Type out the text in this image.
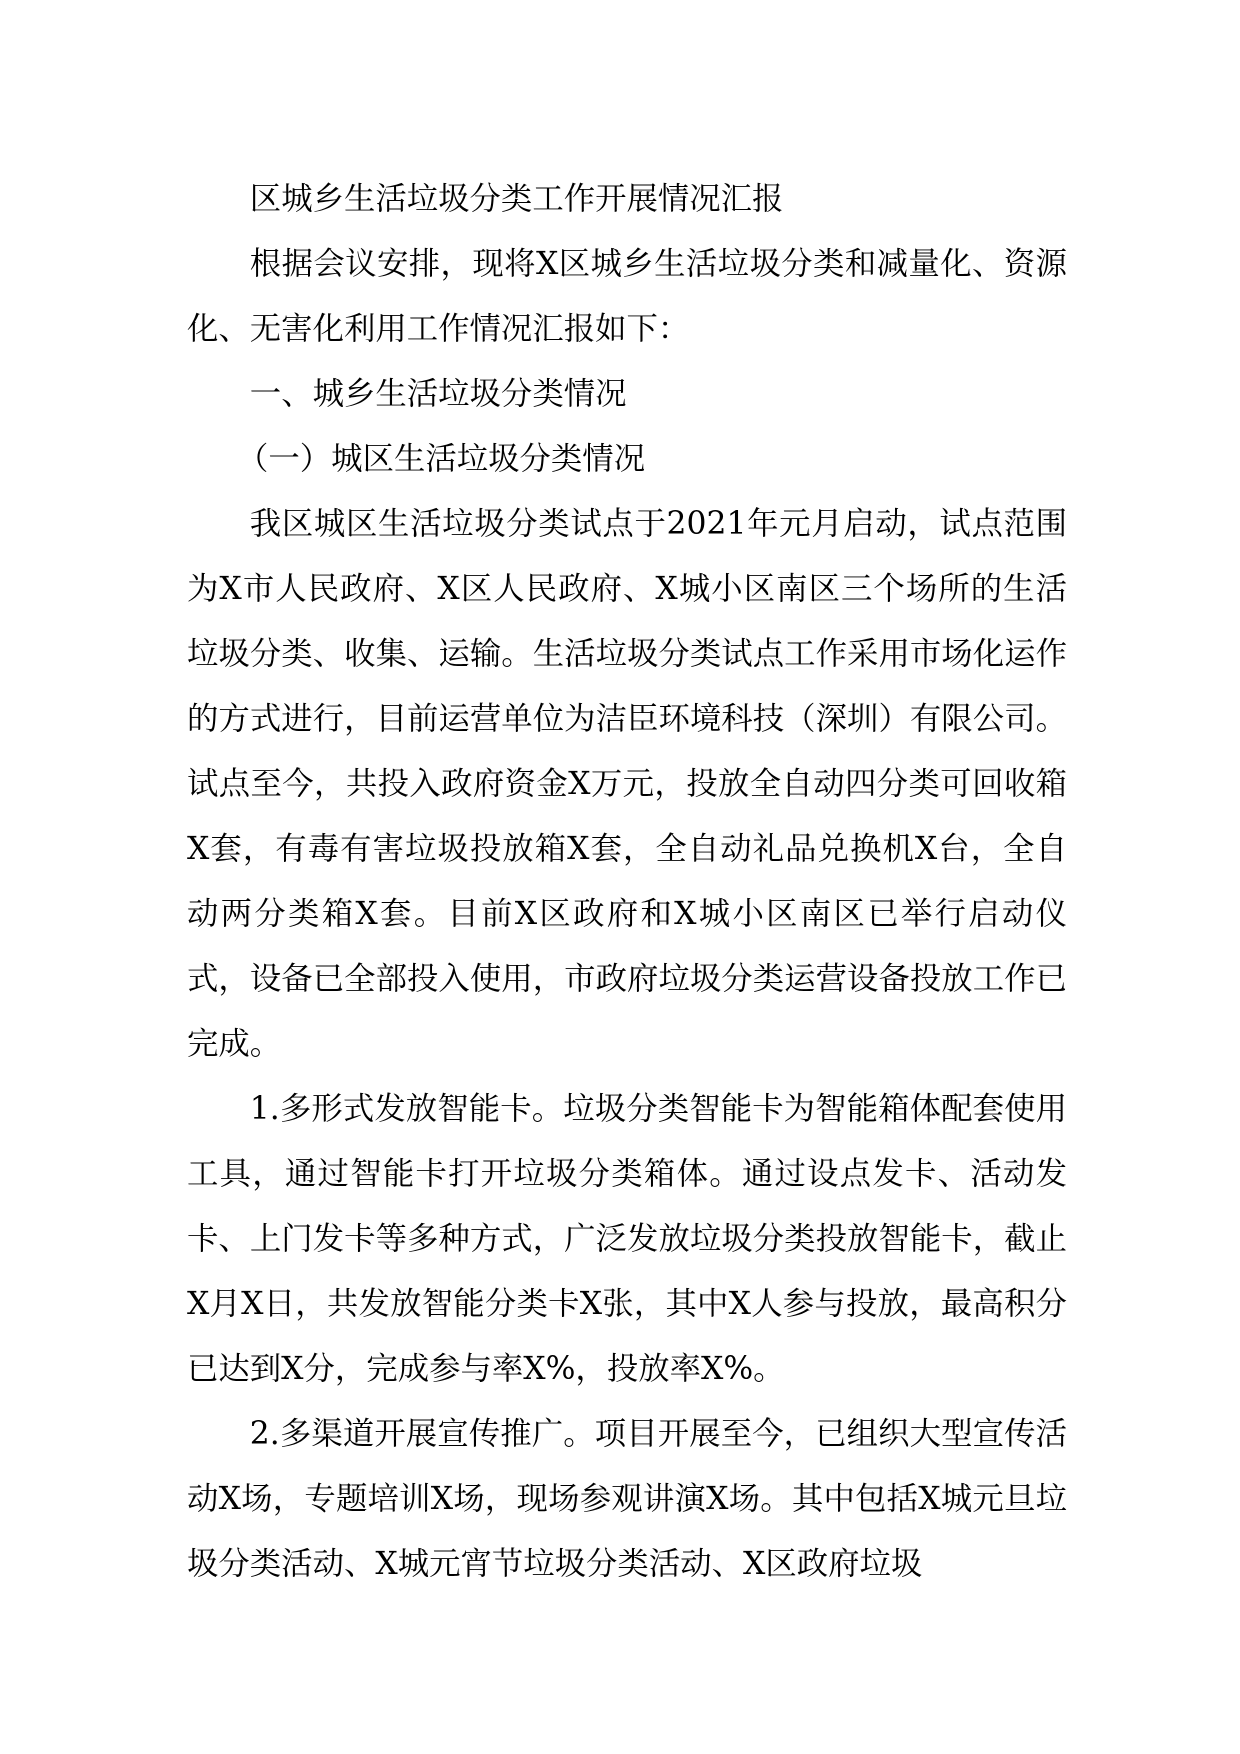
区城乡生活垃圾分类工作开展情况汇报

根据会议安排，现将X区城乡生活垃圾分类和减量化、资源化、无害化利用工作情况汇报如下：

一、城乡生活垃圾分类情况

（一）城区生活垃圾分类情况

我区城区生活垃圾分类试点于2021年元月启动，试点范围为X市人民政府、X区人民政府、X城小区南区三个场所的生活垃圾分类、收集、运输。生活垃圾分类试点工作采用市场化运作的方式进行，目前运营单位为洁臣环境科技（深圳）有限公司。试点至今，共投入政府资金X万元，投放全自动四分类可回收箱X套，有毒有害垃圾投放箱X套，全自动礼品兑换机X台，全自动两分类箱X套。目前X区政府和X城小区南区已举行启动仪式，设备已全部投入使用，市政府垃圾分类运营设备投放工作已完成。

1.多形式发放智能卡。垃圾分类智能卡为智能箱体配套使用工具，通过智能卡打开垃圾分类箱体。通过设点发卡、活动发卡、上门发卡等多种方式，广泛发放垃圾分类投放智能卡，截止X月X日，共发放智能分类卡X张，其中X人参与投放，最高积分已达到X分，完成参与率X%，投放率X%。

2.多渠道开展宣传推广。项目开展至今，已组织大型宣传活动X场，专题培训X场，现场参观讲演X场。其中包括X城元旦垃圾分类活动、X城元宵节垃圾分类活动、X区政府垃圾
